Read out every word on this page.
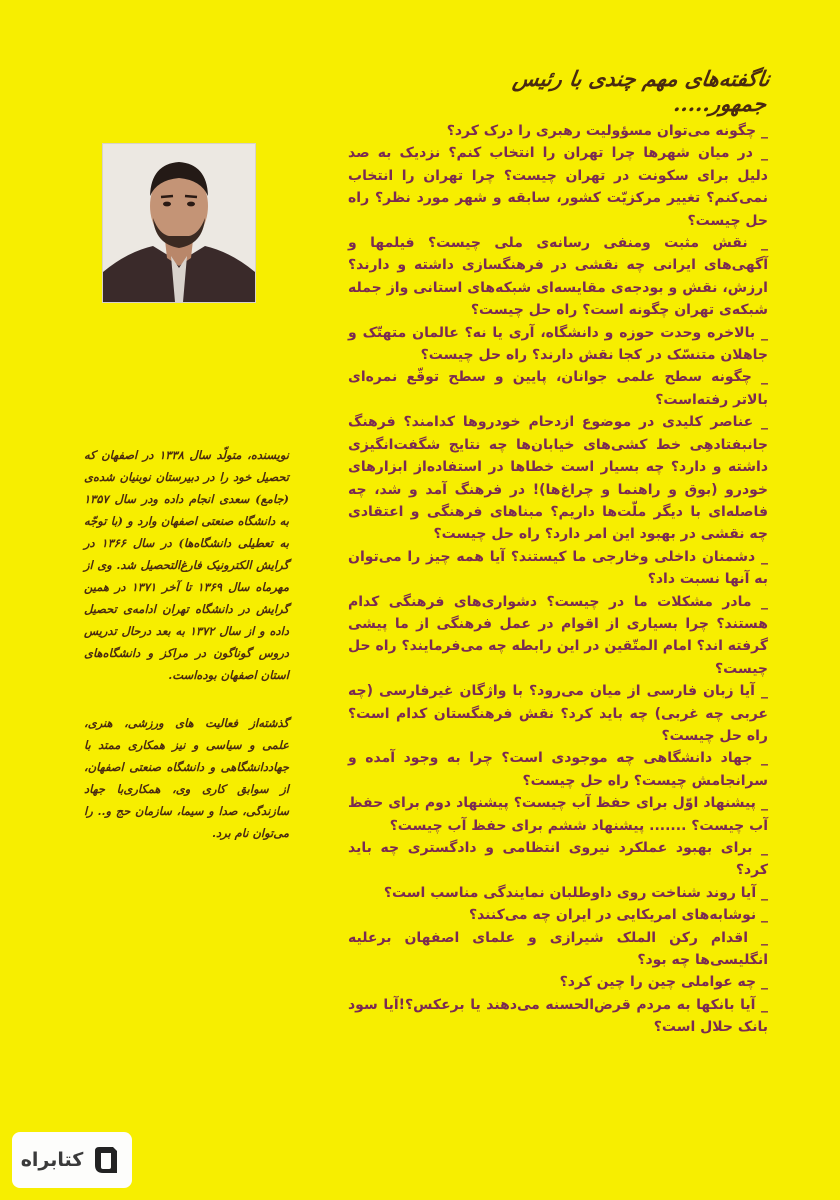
ناگفته‌های مهم چندی با رئیس جمهور.....

_ چگونه می‌توان مسؤولیت رهبری را درک کرد؟

_ در میان شهرها چرا تهران را انتخاب کنم؟ نزدیک به صد دلیل برای سکونت در تهران چیست؟ چرا تهران را انتخاب نمی‌کنم؟ تغییر مرکزیّت کشور، سابقه و شهر مورد نظر؟ راه حل چیست؟

_ نقش مثبت ومنفی رسانه‌ی ملی چیست؟ فیلمها و آگهی‌های ایرانی چه نقشی در فرهنگسازی داشته و دارند؟ ارزش، نقش و بودجه‌ی مقایسه‌ای شبکه‌های استانی واز جمله شبکه‌ی تهران چگونه است؟ راه حل چیست؟

_ بالاخره وحدت حوزه و دانشگاه، آری یا نه؟ عالمان متهتّک و جاهلان متنسّک در کجا نقش دارند؟ راه حل چیست؟

_ چگونه سطح علمی جوانان، پایین و سطح توقّع نمره‌ای بالاتر رفته‌است؟

_ عناصر کلیدی در موضوع ازدحام خودروها کدامند؟ فرهنگ جانبفتادهِی خط کشی‌های خیابان‌ها چه نتایج شگفت‌انگیزی داشته و دارد؟ چه بسیار است خطاها در استفاده‌از ابزارهای خودرو (بوق و راهنما و چراغ‌ها)! در فرهنگ آمد و شد، چه فاصله‌ای با دیگر ملّت‌ها داریم؟ مبناهای فرهنگی و اعتقادی چه نقشی در بهبود این امر دارد؟ راه حل چیست؟

_ دشمنان داخلی وخارجی ما کیستند؟ آیا همه چیز را می‌توان به آنها نسبت داد؟

_ مادر مشکلات ما در چیست؟ دشواری‌های فرهنگی کدام هستند؟ چرا بسیاری از اقوام در عمل فرهنگی از ما پیشی گرفته اند؟ امام المتّقین در این رابطه چه می‌فرمایند؟ راه حل چیست؟

_ آیا زبان فارسی از میان می‌رود؟ با واژگان غیرفارسی (چه عربی چه غربی) چه باید کرد؟ نقش فرهنگستان کدام است؟ راه حل چیست؟

_ جهاد دانشگاهی چه موجودی است؟ چرا به وجود آمده و سرانجامش چیست؟ راه حل چیست؟

_ پیشنهاد اوّل برای حفظ آب چیست؟ پیشنهاد دوم برای حفظ آب چیست؟ ....... پیشنهاد ششم برای حفظ آب چیست؟

_ برای بهبود عملکرد نیروی انتظامی و دادگستری چه باید کرد؟

_ آیا روند شناخت روی داوطلبان نمایندگی مناسب است؟

_ نوشابه‌های امریکایی در ایران چه می‌کنند؟

_ اقدام رکن الملک شیرازی و علمای اصفهان برعلیه انگلیسی‌ها چه بود؟

_ چه عواملی چین را چین کرد؟

_ آیا بانکها به مردم قرض‌الحسنه می‌دهند یا برعکس؟!آیا سود بانک حلال است؟

نویسنده، متولّد سال ۱۳۳۸ در اصفهان که تحصیل خود را در دبیرستان نوبنیان شده‌ی (جامع) سعدی انجام داده ودر سال ۱۳۵۷ به دانشگاه صنعتی اصفهان وارد و (با توجّه به تعطیلی دانشگاه‌ها) در سال ۱۳۶۶ در گرایش الکترونیک فارغ‌التحصیل شد. وی از مهرماه سال ۱۳۶۹ تا آخر ۱۳۷۱ در همین گرایش در دانشگاه تهران ادامه‌ی تحصیل داده و از سال ۱۳۷۲ به بعد درحال تدریس دروس گوناگون در مراکز و دانشگاه‌های استان اصفهان بوده‌است.

گذشته‌از فعالیت های ورزشی، هنری، علمی و سیاسی و نیز همکاری ممتد با جهاددانشگاهی و دانشگاه صنعتی اصفهان، از سوابق کاری وی، همکاری‌با جهاد سازندگی، صدا و سیما، سازمان حج و.. را می‌توان نام برد.

کتابراه
